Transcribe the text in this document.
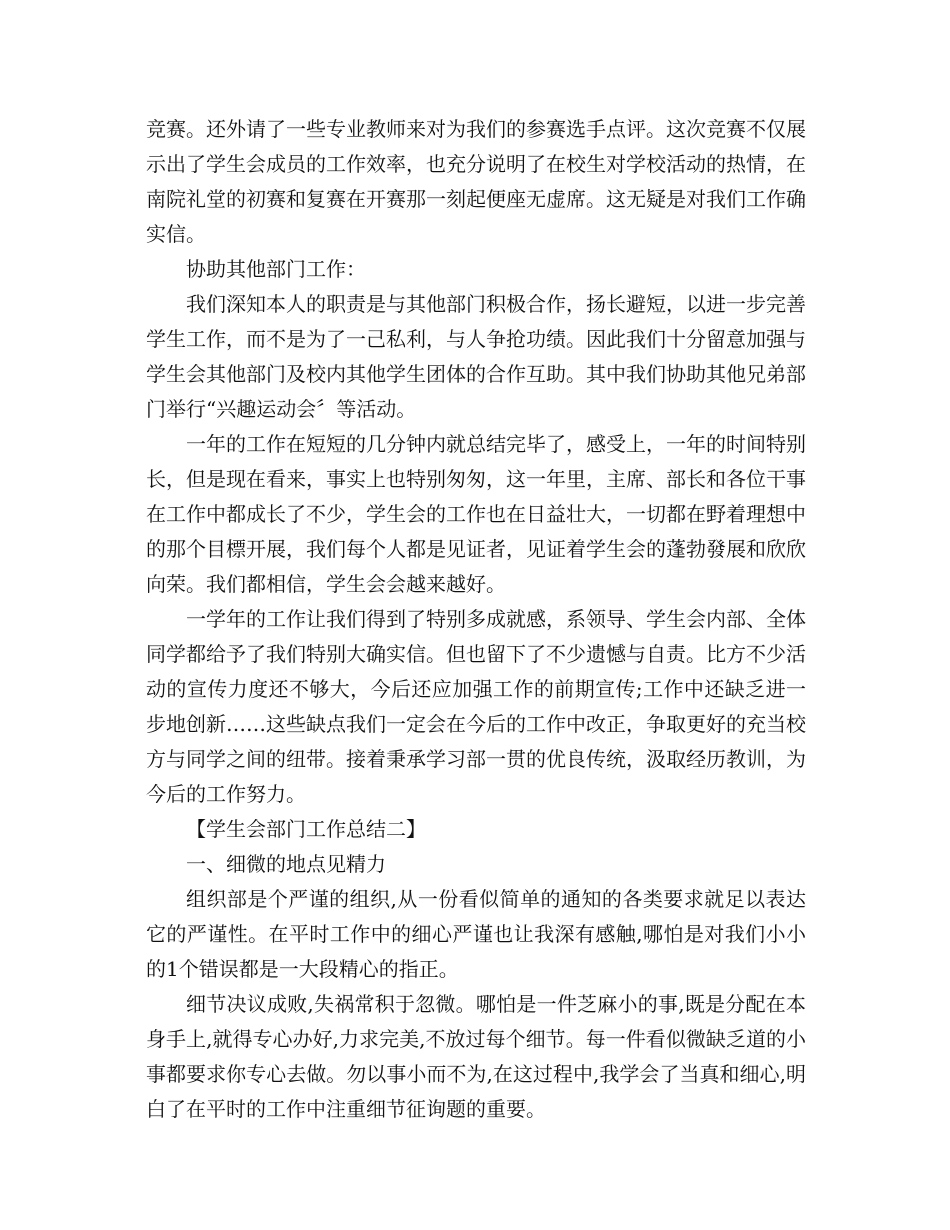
竞赛。还外请了一些专业教师来对为我们的参赛选手点评。这次竞赛不仅展示出了学生会成员的工作效率，也充分说明了在校生对学校活动的热情，在南院礼堂的初赛和复赛在开赛那一刻起便座无虚席。这无疑是对我们工作确实信。

协助其他部门工作：

我们深知本人的职责是与其他部门积极合作，扬长避短，以进一步完善学生工作，而不是为了一己私利，与人争抢功绩。因此我们十分留意加强与学生会其他部门及校内其他学生团体的合作互助。其中我们协助其他兄弟部门举行“兴趣运动会〞等活动。

一年的工作在短短的几分钟内就总结完毕了，感受上，一年的时间特别长，但是现在看来，事实上也特别匆匆，这一年里，主席、部长和各位干事在工作中都成长了不少，学生会的工作也在日益壮大，一切都在野着理想中的那个目標开展，我们每个人都是见证者，见证着学生会的蓬勃發展和欣欣向荣。我们都相信，学生会会越来越好。

一学年的工作让我们得到了特别多成就感，系领导、学生会内部、全体同学都给予了我们特别大确实信。但也留下了不少遗憾与自责。比方不少活动的宣传力度还不够大，今后还应加强工作的前期宣传;工作中还缺乏进一步地创新……这些缺点我们一定会在今后的工作中改正，争取更好的充当校方与同学之间的纽带。接着秉承学习部一贯的优良传统，汲取经历教训，为今后的工作努力。

【学生会部门工作总结二】

一、细微的地点见精力

组织部是个严谨的组织,从一份看似简单的通知的各类要求就足以表达它的严谨性。在平时工作中的细心严谨也让我深有感触,哪怕是对我们小小的1个错误都是一大段精心的指正。

细节决议成败,失祸常积于忽微。哪怕是一件芝麻小的事,既是分配在本身手上,就得专心办好,力求完美,不放过每个细节。每一件看似微缺乏道的小事都要求你专心去做。勿以事小而不为,在这过程中,我学会了当真和细心,明白了在平时的工作中注重细节征询题的重要。
